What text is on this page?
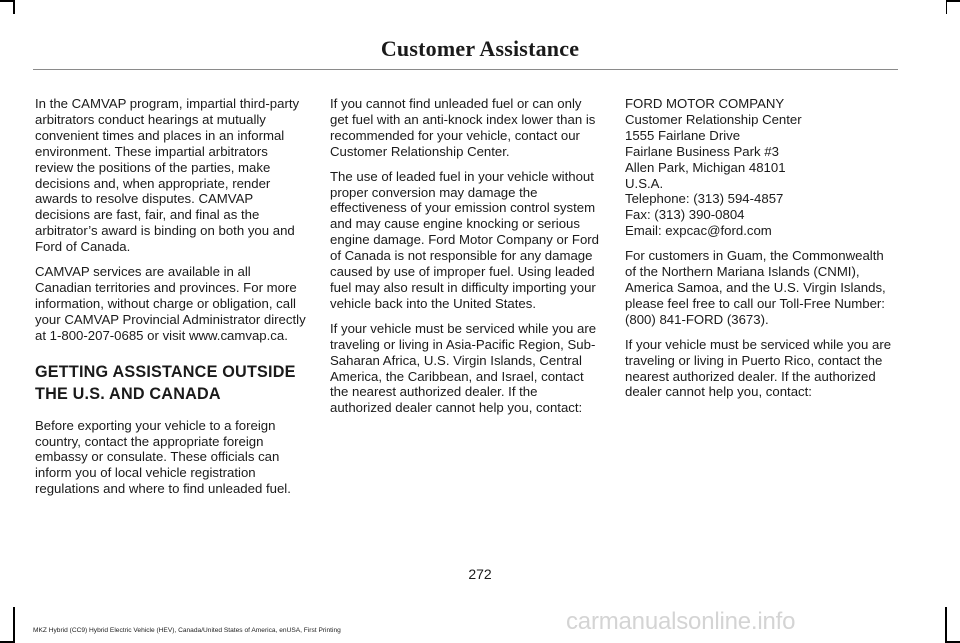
Customer Assistance

In the CAMVAP program, impartial third-party arbitrators conduct hearings at mutually convenient times and places in an informal environment. These impartial arbitrators review the positions of the parties, make decisions and, when appropriate, render awards to resolve disputes. CAMVAP decisions are fast, fair, and final as the arbitrator’s award is binding on both you and Ford of Canada.

CAMVAP services are available in all Canadian territories and provinces. For more information, without charge or obligation, call your CAMVAP Provincial Administrator directly at 1-800-207-0685 or visit www.camvap.ca.

GETTING ASSISTANCE OUTSIDE THE U.S. AND CANADA

Before exporting your vehicle to a foreign country, contact the appropriate foreign embassy or consulate. These officials can inform you of local vehicle registration regulations and where to find unleaded fuel.

If you cannot find unleaded fuel or can only get fuel with an anti-knock index lower than is recommended for your vehicle, contact our Customer Relationship Center.

The use of leaded fuel in your vehicle without proper conversion may damage the effectiveness of your emission control system and may cause engine knocking or serious engine damage. Ford Motor Company or Ford of Canada is not responsible for any damage caused by use of improper fuel. Using leaded fuel may also result in difficulty importing your vehicle back into the United States.

If your vehicle must be serviced while you are traveling or living in Asia-Pacific Region, Sub-Saharan Africa, U.S. Virgin Islands, Central America, the Caribbean, and Israel, contact the nearest authorized dealer. If the authorized dealer cannot help you, contact:

FORD MOTOR COMPANY
Customer Relationship Center
1555 Fairlane Drive
Fairlane Business Park #3
Allen Park, Michigan 48101
U.S.A.
Telephone: (313) 594-4857
Fax: (313) 390-0804
Email: expcac@ford.com

For customers in Guam, the Commonwealth of the Northern Mariana Islands (CNMI), America Samoa, and the U.S. Virgin Islands, please feel free to call our Toll-Free Number: (800) 841-FORD (3673).

If your vehicle must be serviced while you are traveling or living in Puerto Rico, contact the nearest authorized dealer. If the authorized dealer cannot help you, contact:

272
MKZ Hybrid (CC9) Hybrid Electric Vehicle (HEV), Canada/United States of America, enUSA, First Printing	carmanualsonline.info
